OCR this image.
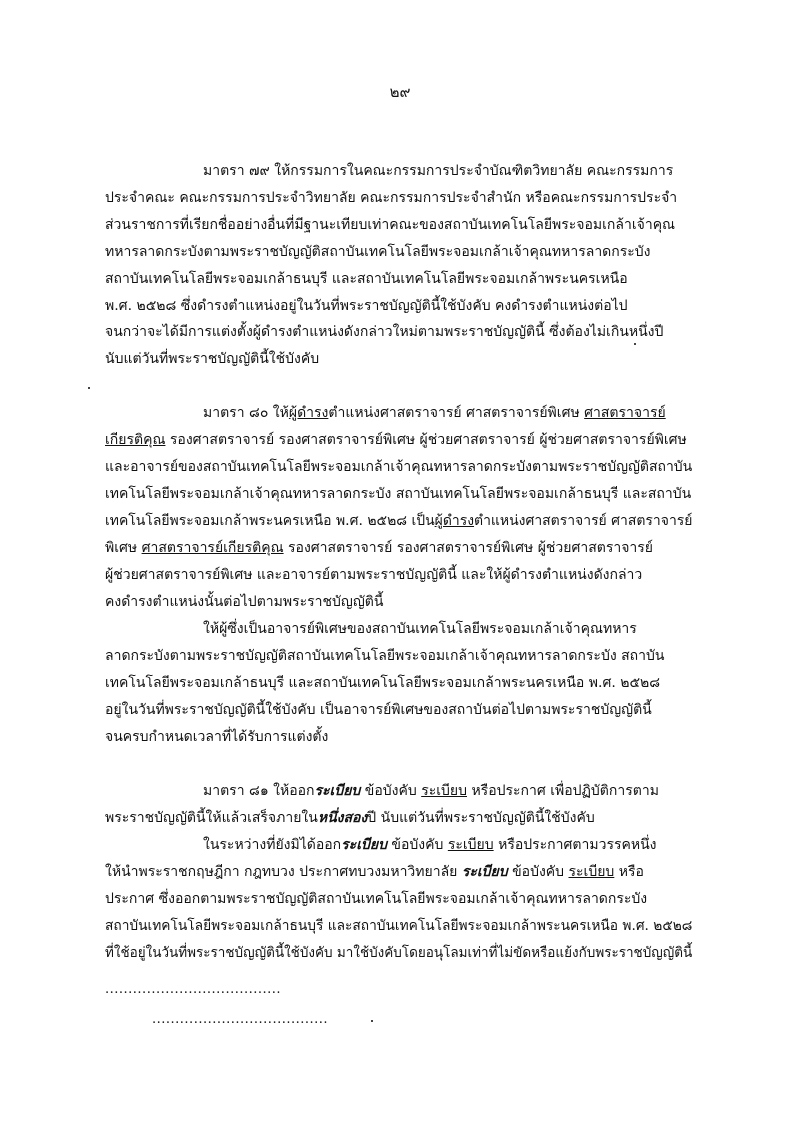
๒๙
มาตรา ๗๙ ให้กรรมการในคณะกรรมการประจำบัณฑิตวิทยาลัย คณะกรรมการ
ประจำคณะ คณะกรรมการประจำวิทยาลัย คณะกรรมการประจำสำนัก หรือคณะกรรมการประจำ
ส่วนราชการที่เรียกชื่ออย่างอื่นที่มีฐานะเทียบเท่าคณะของสถาบันเทคโนโลยีพระจอมเกล้าเจ้าคุณ
ทหารลาดกระบังตามพระราชบัญญัติสถาบันเทคโนโลยีพระจอมเกล้าเจ้าคุณทหารลาดกระบัง
สถาบันเทคโนโลยีพระจอมเกล้าธนบุรี และสถาบันเทคโนโลยีพระจอมเกล้าพระนครเหนือ
พ.ศ. ๒๕๒๘ ซึ่งดำรงตำแหน่งอยู่ในวันที่พระราชบัญญัตินี้ใช้บังคับ คงดำรงตำแหน่งต่อไป
จนกว่าจะได้มีการแต่งตั้งผู้ดำรงตำแหน่งดังกล่าวใหม่ตามพระราชบัญญัตินี้ ซึ่งต้องไม่เกินหนึ่งปี
นับแต่วันที่พระราชบัญญัตินี้ใช้บังคับ
มาตรา ๘๐ ให้ผู้ดำรงตำแหน่งศาสตราจารย์ ศาสตราจารย์พิเศษ ศาสตราจารย์
เกียรติคุณ รองศาสตราจารย์ รองศาสตราจารย์พิเศษ ผู้ช่วยศาสตราจารย์ ผู้ช่วยศาสตราจารย์พิเศษ
และอาจารย์ของสถาบันเทคโนโลยีพระจอมเกล้าเจ้าคุณทหารลาดกระบังตามพระราชบัญญัติสถาบัน
เทคโนโลยีพระจอมเกล้าเจ้าคุณทหารลาดกระบัง สถาบันเทคโนโลยีพระจอมเกล้าธนบุรี และสถาบัน
เทคโนโลยีพระจอมเกล้าพระนครเหนือ พ.ศ. ๒๕๒๘ เป็นผู้ดำรงตำแหน่งศาสตราจารย์ ศาสตราจารย์
พิเศษ ศาสตราจารย์เกียรติคุณ รองศาสตราจารย์ รองศาสตราจารย์พิเศษ ผู้ช่วยศาสตราจารย์
ผู้ช่วยศาสตราจารย์พิเศษ และอาจารย์ตามพระราชบัญญัตินี้ และให้ผู้ดำรงตำแหน่งดังกล่าว
คงดำรงตำแหน่งนั้นต่อไปตามพระราชบัญญัตินี้
ให้ผู้ซึ่งเป็นอาจารย์พิเศษของสถาบันเทคโนโลยีพระจอมเกล้าเจ้าคุณทหาร
ลาดกระบังตามพระราชบัญญัติสถาบันเทคโนโลยีพระจอมเกล้าเจ้าคุณทหารลาดกระบัง สถาบัน
เทคโนโลยีพระจอมเกล้าธนบุรี และสถาบันเทคโนโลยีพระจอมเกล้าพระนครเหนือ พ.ศ. ๒๕๒๘
อยู่ในวันที่พระราชบัญญัตินี้ใช้บังคับ เป็นอาจารย์พิเศษของสถาบันต่อไปตามพระราชบัญญัตินี้
จนครบกำหนดเวลาที่ได้รับการแต่งตั้ง
มาตรา ๘๑ ให้ออกระเบียบ ข้อบังคับ ระเบียบ หรือประกาศ เพื่อปฏิบัติการตาม
พระราชบัญญัตินี้ให้แล้วเสร็จภายในหนึ่งสองปี นับแต่วันที่พระราชบัญญัตินี้ใช้บังคับ
ในระหว่างที่ยังมิได้ออกระเบียบ ข้อบังคับ ระเบียบ หรือประกาศตามวรรคหนึ่ง
ให้นำพระราชกฤษฎีกา กฎทบวง ประกาศทบวงมหาวิทยาลัย ระเบียบ ข้อบังคับ ระเบียบ หรือ
ประกาศ ซึ่งออกตามพระราชบัญญัติสถาบันเทคโนโลยีพระจอมเกล้าเจ้าคุณทหารลาดกระบัง
สถาบันเทคโนโลยีพระจอมเกล้าธนบุรี และสถาบันเทคโนโลยีพระจอมเกล้าพระนครเหนือ พ.ศ. ๒๕๒๘
ที่ใช้อยู่ในวันที่พระราชบัญญัตินี้ใช้บังคับ มาใช้บังคับโดยอนุโลมเท่าที่ไม่ขัดหรือแย้งกับพระราชบัญญัตินี้
......................................
......................................
